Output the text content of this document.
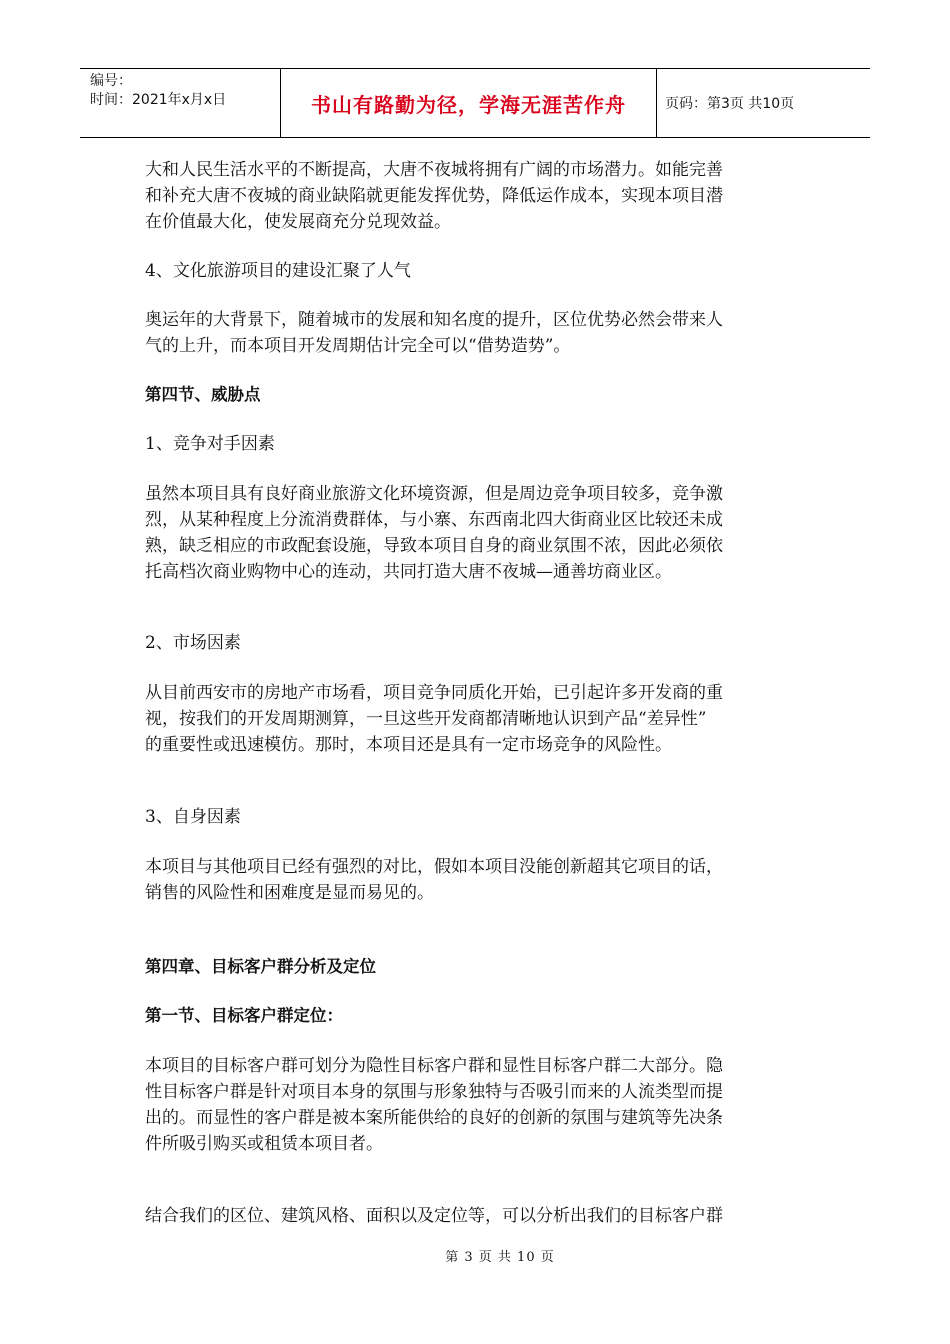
编号：
时间：2021年x月x日	书山有路勤为径，学海无涯苦作舟	页码：第3页 共10页
大和人民生活水平的不断提高，大唐不夜城将拥有广阔的市场潜力。如能完善
和补充大唐不夜城的商业缺陷就更能发挥优势，降低运作成本，实现本项目潜
在价值最大化，使发展商充分兑现效益。
4、文化旅游项目的建设汇聚了人气
奥运年的大背景下，随着城市的发展和知名度的提升，区位优势必然会带来人
气的上升，而本项目开发周期估计完全可以“借势造势”。
第四节、威胁点
1、竞争对手因素
虽然本项目具有良好商业旅游文化环境资源，但是周边竞争项目较多，竞争激
烈，从某种程度上分流消费群体，与小寨、东西南北四大街商业区比较还未成
熟，缺乏相应的市政配套设施，导致本项目自身的商业氛围不浓，因此必须依
托高档次商业购物中心的连动，共同打造大唐不夜城—通善坊商业区。
2、市场因素
从目前西安市的房地产市场看，项目竞争同质化开始，已引起许多开发商的重
视，按我们的开发周期测算，一旦这些开发商都清晰地认识到产品“差异性”
的重要性或迅速模仿。那时，本项目还是具有一定市场竞争的风险性。
3、自身因素
本项目与其他项目已经有强烈的对比，假如本项目没能创新超其它项目的话，
销售的风险性和困难度是显而易见的。
第四章、目标客户群分析及定位
第一节、目标客户群定位：
本项目的目标客户群可划分为隐性目标客户群和显性目标客户群二大部分。隐
性目标客户群是针对项目本身的氛围与形象独特与否吸引而来的人流类型而提
出的。而显性的客户群是被本案所能供给的良好的创新的氛围与建筑等先决条
件所吸引购买或租赁本项目者。
结合我们的区位、建筑风格、面积以及定位等，可以分析出我们的目标客户群
第 3 页 共 10 页
